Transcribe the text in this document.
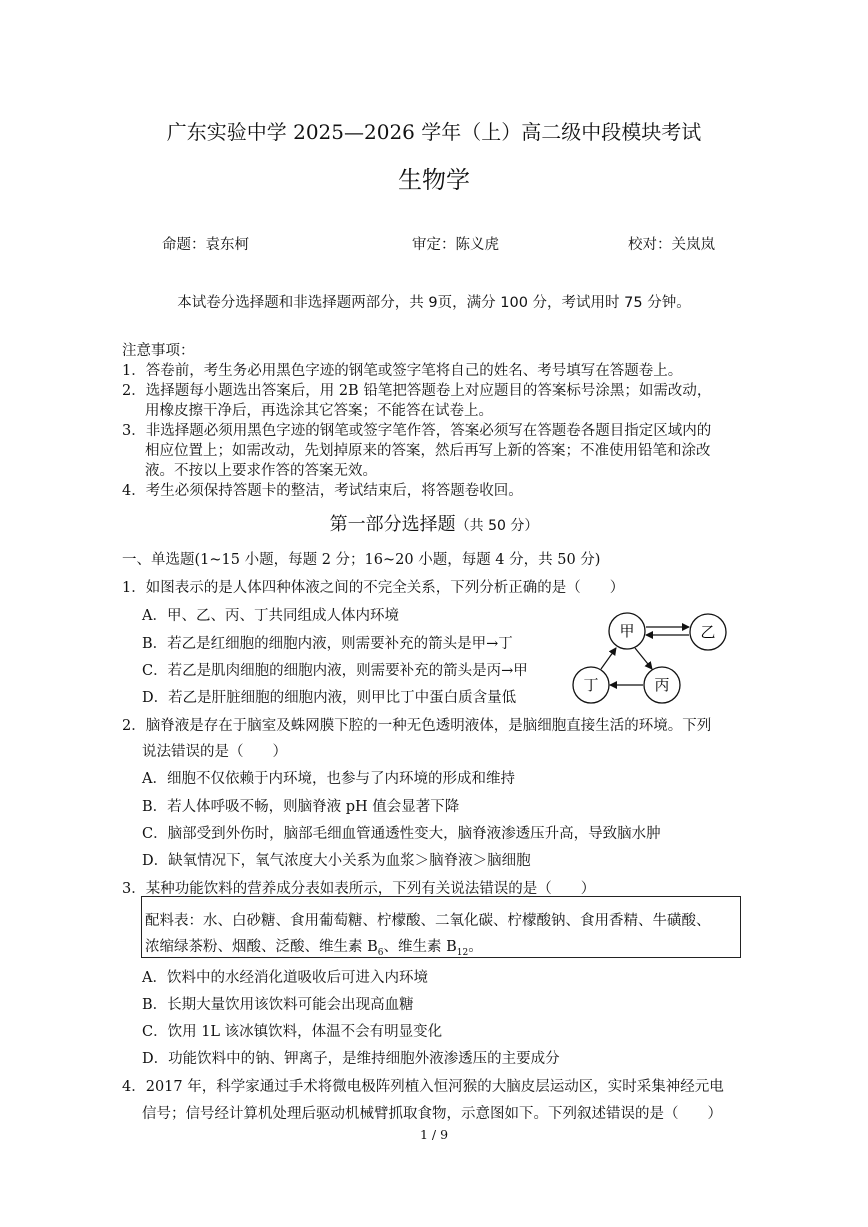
广东实验中学 2025—2026 学年（上）高二级中段模块考试
生物学
命题：袁东柯	审定：陈义虎	校对：关岚岚
本试卷分选择题和非选择题两部分，共 9页，满分 100 分，考试用时 75 分钟。
注意事项：
1．答卷前，考生务必用黑色字迹的钢笔或签字笔将自己的姓名、考号填写在答题卷上。
2．选择题每小题选出答案后，用 2B 铅笔把答题卷上对应题目的答案标号涂黑；如需改动，
用橡皮擦干净后，再选涂其它答案；不能答在试卷上。
3．非选择题必须用黑色字迹的钢笔或签字笔作答，答案必须写在答题卷各题目指定区域内的
相应位置上；如需改动，先划掉原来的答案，然后再写上新的答案；不准使用铅笔和涂改
液。不按以上要求作答的答案无效。
4．考生必须保持答题卡的整洁，考试结束后，将答题卷收回。
第一部分选择题（共 50 分）
一、单选题(1~15 小题，每题 2 分；16~20 小题，每题 4 分，共 50 分)
1．如图表示的是人体四种体液之间的不完全关系，下列分析正确的是（　　）
A．甲、乙、丙、丁共同组成人体内环境
B．若乙是红细胞的细胞内液，则需要补充的箭头是甲→丁
C．若乙是肌肉细胞的细胞内液，则需要补充的箭头是丙→甲
D．若乙是肝脏细胞的细胞内液，则甲比丁中蛋白质含量低
甲	乙
丁	丙
2．脑脊液是存在于脑室及蛛网膜下腔的一种无色透明液体，是脑细胞直接生活的环境。下列
说法错误的是（　　）
A．细胞不仅依赖于内环境，也参与了内环境的形成和维持
B．若人体呼吸不畅，则脑脊液 pH 值会显著下降
C．脑部受到外伤时，脑部毛细血管通透性变大，脑脊液渗透压升高，导致脑水肿
D．缺氧情况下，氧气浓度大小关系为血浆＞脑脊液＞脑细胞
3．某种功能饮料的营养成分表如表所示，下列有关说法错误的是（　　）
配料表：水、白砂糖、食用葡萄糖、柠檬酸、二氧化碳、柠檬酸钠、食用香精、牛磺酸、
浓缩绿茶粉、烟酸、泛酸、维生素 $B_6$、维生素 $B_{12}$。
A．饮料中的水经消化道吸收后可进入内环境
B．长期大量饮用该饮料可能会出现高血糖
C．饮用 1L 该冰镇饮料，体温不会有明显变化
D．功能饮料中的钠、钾离子，是维持细胞外液渗透压的主要成分
4．2017 年，科学家通过手术将微电极阵列植入恒河猴的大脑皮层运动区，实时采集神经元电
信号；信号经计算机处理后驱动机械臂抓取食物，示意图如下。下列叙述错误的是（　　）
1 / 9
